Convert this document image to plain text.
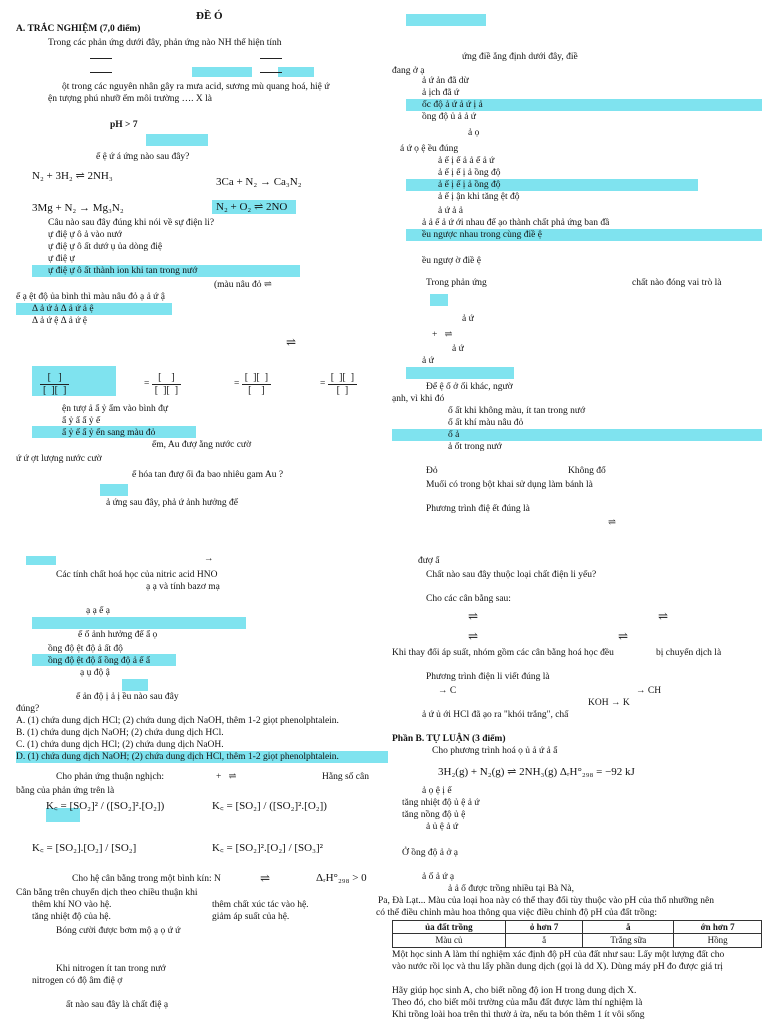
ĐỀ Ó
A. TRẮC NGHIỆM (7,0 điểm)
Trong các phản ứng dưới đây, phản ứng nào NH thể hiện tính
ột trong các nguyên nhân gây ra mưa acid, sương mù quang hoá, hiệ ứ
ện tượng phú nhưỡ ếm môi trường …. X là
pH > 7
ế ệ ứ á ứng nào sau đây?
N₂ + 3H₂ ⇌ 2NH₃	3Ca + N₂ → Ca₃N₂
3Mg + N₂ → Mg₃N₂	N₂ + O₂ ⇌ 2NO
Câu nào sau đây đúng khi nói về sự điện li?
ự điệ ự ô ả vào nướ
ự điệ ự ô ất dướ ụ ủa dòng điệ
ự điệ ự
ự điệ ự ô ất thành ion khi tan trong nướ
(màu nâu đỏ ⇌
ế ạ ệt độ ủa bình thì màu nâu đỏ ạ ả ứ ậ
Δ ả ứ ả Δ ả ứ ả ệ
Δ ả ứ ệ Δ ả ứ ệ
⇌
$\frac{[ ]}{[ ][ ]}$	= $\frac{[ ]}{[ ][ ]}$	= $\frac{[ ][ ]}{[ ]}$	= $\frac{[ ][ ]}{[ ]}$
ện tượ ả ẩ ỷ ẩm vào bình đự
ẩ ỷ ẩ ẩ ỷ ế
ẩ ỷ ế ẩ ỷ ển sang màu đỏ
ếm, Au đượ ằng nước cườ
ứ ứ ợt lượng nước cườ
ế hóa tan đượ ối đa bao nhiêu gam Au ?
ả ứng sau đây, phả ứ ảnh hưởng đế
→
Các tính chất hoá học của nitric acid HNO
ạ ạ và tính bazơ mạ
ạ ạ ế ạ
ế ố ảnh hưởng đế ẩ ọ
ồng độ ệt độ ả ất độ
ồng độ ệt độ ẩ ồng độ ả ế ẩ
ạ ụ độ ậ
ế ản độ ị ả ị ều nào sau đây
đúng?
A. (1) chứa dung dịch HCl; (2) chứa dung dịch NaOH, thêm 1-2 giọt phenolphtalein.
B. (1) chứa dung dịch NaOH; (2) chứa dung dịch HCl.
C. (1) chứa dung dịch HCl; (2) chứa dung dịch NaOH.
D. (1) chứa dung dịch NaOH; (2) chứa dung dịch HCl, thêm 1-2 giọt phenolphtalein.
Cho phản ứng thuận nghịch:	+   ⇌	Hằng số cân
bằng của phản ứng trên là
K꜀ = [SO₂]² / ([SO₂]².[O₂])	K꜀ = [SO₂] / ([SO₂]².[O₂])
K꜀ = [SO₂].[O₂] / [SO₂]	K꜀ = [SO₂]².[O₂] / [SO₃]²
Cho hệ cân bằng trong một bình kín: N	⇌	ΔᵣH°₂₉₈ > 0
Cân bằng trên chuyển dịch theo chiều thuận khi
thêm khí NO vào hệ.	thêm chất xúc tác vào hệ.
tăng nhiệt độ của hệ.	giảm áp suất của hệ.
Bóng cười được bơm mộ ạ ọ ứ ứ
Khi nitrogen ít tan trong nướ
nitrogen có độ âm điệ ợ
ất nào sau đây là chất điệ ạ
ứng điề ẳng định dưới đây, điề
đang ở ạ
ả ứ ản đã dừ
ả ịch đã ứ
ốc độ ả ứ ả ứ ị ả
ồng độ ủ ả ả ứ
ả ọ
á ứ ọ ệ ều đúng
ả ế ị ế ả ả ế ả ứ
ả ế ị ế ị ả ồng độ
ả ế ị ế ị ả ồng độ
ả ế ị ận khi tăng ệt độ
ả ứ ả ả
ả ả ế ả ứ ới nhau để ạo thành chất phả ứng ban đầ
ều ngược nhau trong cùng điề ệ
ều ngượ ờ điề ệ
Trong phản ứng	chất nào đóng vai trò là
ả ứ
+   ⇌
ả ứ
ả ứ
Để ệ ố ở ối khác, ngườ
ạnh, vì khi đó
ố ất khi không màu, ít tan trong nướ
ố ất khí màu nâu đỏ
ố ả
ả ốt trong nướ
Đỏ	Không đổ
Muối có trong bột khai sử dụng làm bánh là
Phương trình điệ ết đúng là
⇌
đượ ẩ
Chất nào sau đây thuộc loại chất điện li yếu?
Cho các cân bằng sau:
⇌	⇌
⇌	⇌
Khi thay đổi áp suất, nhóm gồm các cân bằng hoá học đều	bị chuyển dịch là
Phương trình điện li viết đúng là
→ C	→ CH
KOH → K
ả ứ ủ ới HCl đã ạo ra "khói trắng", chấ
Phần B. TỰ LUẬN (3 điểm)
Cho phương trình hoá ọ ủ ả ứ ả ẩ
3H₂(g) + N₂(g) ⇌ 2NH₃(g) ΔᵣH°₂₉₈ = −92 kJ
ả ọ ệ ị ế
tăng nhiệt độ ủ ệ ả ứ
tăng nồng độ ủ ệ
ả ủ ệ ả ứ
Ở ồng độ ả ở ạ
ả ố ả ứ ạ
ả ả ố được trồng nhiều tại Bà Nà,
Pa, Đà Lạt... Màu của loại hoa này có thể thay đổi tùy thuộc vào pH của thổ nhưỡng nên
có thể điều chỉnh màu hoa thông qua việc điều chỉnh độ pH của đất trồng:
ủa đất trồng	ỏ hơn 7	ẳ	ớn hơn 7
Màu củ	ẳ	Trắng sữa	Hồng
Một học sinh A làm thí nghiệm xác định độ pH của đất như sau: Lấy một lượng đất cho
vào nước rồi lọc và thu lấy phần dung dịch (gọi là dd X). Dùng máy pH đo được giá trị
Hãy giúp học sinh A, cho biết nồng độ ion H trong dung dịch X.
Theo đó, cho biết môi trường của mẫu đất được làm thí nghiệm là
Khi trồng loài hoa trên thì thườ ả ừa, nếu ta bón thêm 1 ít vôi sống
